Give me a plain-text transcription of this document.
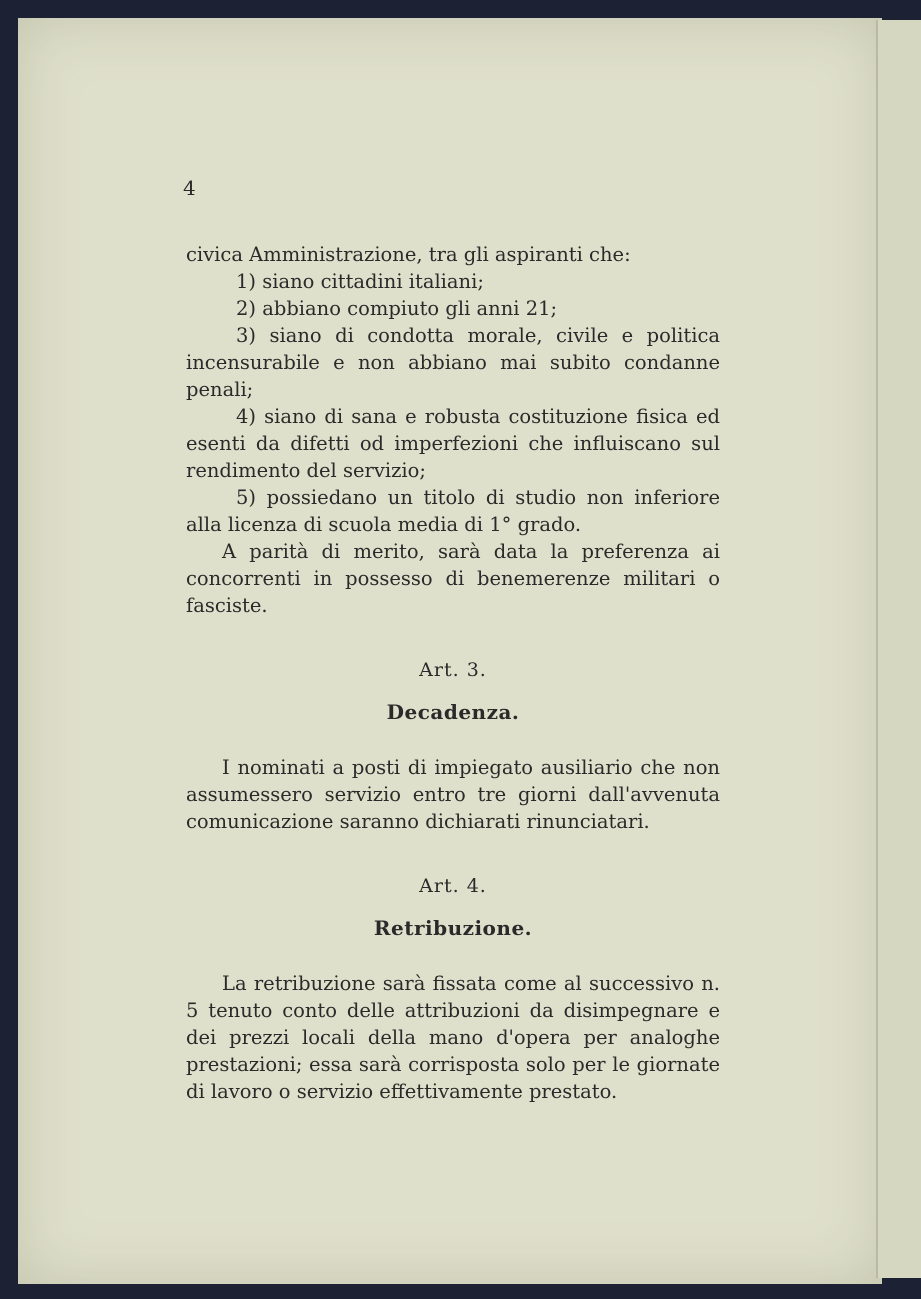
4

civica Amministrazione, tra gli aspiranti che:

1) siano cittadini italiani;

2) abbiano compiuto gli anni 21;

3) siano di condotta morale, civile e politica incensurabile e non abbiano mai subito condanne penali;

4) siano di sana e robusta costituzione fisica ed esenti da difetti od imperfezioni che influiscano sul rendimento del servizio;

5) possiedano un titolo di studio non inferiore alla licenza di scuola media di 1° grado.

A parità di merito, sarà data la preferenza ai concorrenti in possesso di benemerenze militari o fasciste.

Art. 3.

Decadenza.

I nominati a posti di impiegato ausiliario che non assumessero servizio entro tre giorni dall'avvenuta comunicazione saranno dichiarati rinunciatari.

Art. 4.

Retribuzione.

La retribuzione sarà fissata come al successivo n. 5 tenuto conto delle attribuzioni da disimpegnare e dei prezzi locali della mano d'opera per analoghe prestazioni; essa sarà corrisposta solo per le giornate di lavoro o servizio effettivamente prestato.
